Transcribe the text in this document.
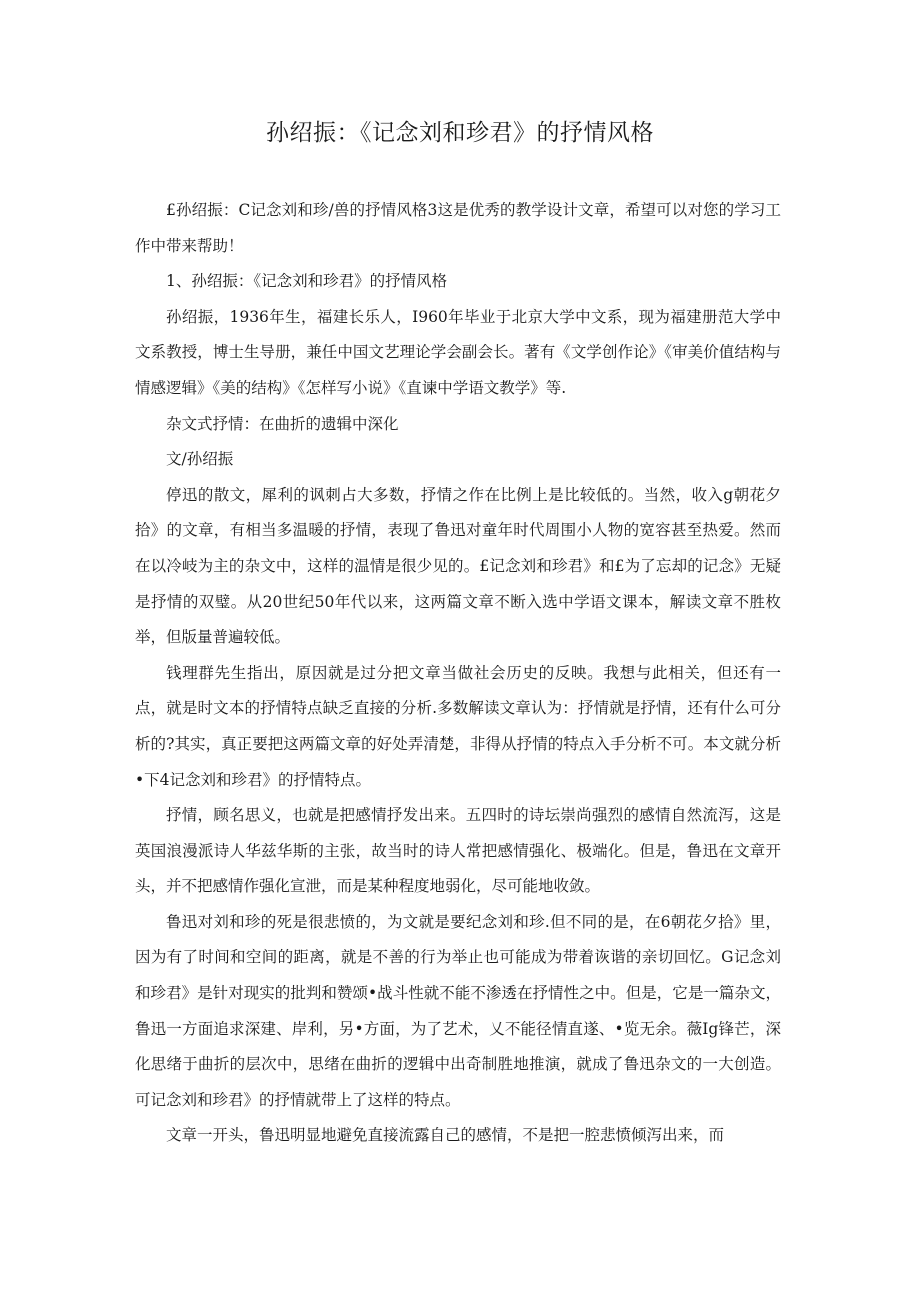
孙绍振：《记念刘和珍君》的抒情风格

£孙绍振：C记念刘和珍/兽的抒情风格3这是优秀的教学设计文章，希望可以对您的学习工作中带来帮助！

1、孙绍振：《记念刘和珍君》的抒情风格

孙绍振，1936年生，福建长乐人，I960年毕业于北京大学中文系，现为福建册范大学中文系教授，博士生导册，兼任中国文艺理论学会副会长。著有《文学创作论》《审美价值结构与情感逻辑》《美的结构》《怎样写小说》《直谏中学语文教学》等.

杂文式抒情：在曲折的遗辑中深化

文/孙绍振

停迅的散文，犀利的讽刺占大多数，抒情之作在比例上是比较低的。当然，收入g朝花夕拾》的文章，有相当多温暖的抒情，表现了鲁迅对童年时代周围小人物的宽容甚至热爱。然而在以冷岐为主的杂文中，这样的温情是很少见的。£记念刘和珍君》和£为了忘却的记念》无疑是抒情的双璧。从20世纪50年代以来，这两篇文章不断入选中学语文课本，解读文章不胜枚举，但版量普遍较低。

钱理群先生指出，原因就是过分把文章当做社会历史的反映。我想与此相关，但还有一点，就是时文本的抒情特点缺乏直接的分析.多数解读文章认为：抒情就是抒情，还有什么可分析的?其实，真正要把这两篇文章的好处弄清楚，非得从抒情的特点入手分析不可。本文就分析•下4记念刘和珍君》的抒情特点。

抒情，顾名思义，也就是把感情抒发出来。五四时的诗坛崇尚强烈的感情自然流泻，这是英国浪漫派诗人华兹华斯的主张，故当时的诗人常把感情强化、极端化。但是，鲁迅在文章开头，并不把感情作强化宣泄，而是某种程度地弱化，尽可能地收敛。

鲁迅对刘和珍的死是很悲愤的，为文就是要纪念刘和珍.但不同的是，在6朝花夕拾》里，因为有了时间和空间的距离，就是不善的行为举止也可能成为带着诙谐的亲切回忆。G记念刘和珍君》是针对现实的批判和赞颂•战斗性就不能不渗透在抒情性之中。但是，它是一篇杂文，鲁迅一方面追求深建、岸利，另•方面，为了艺术，乂不能径情直遂、•览无余。薇Ig锋芒，深化思绪于曲折的层次中，思绪在曲折的逻辑中出奇制胜地推演，就成了鲁迅杂文的一大创造。可记念刘和珍君》的抒情就带上了这样的特点。

文章一开头，鲁迅明显地避免直接流露自己的感情，不是把一腔悲愤倾泻出来，而
